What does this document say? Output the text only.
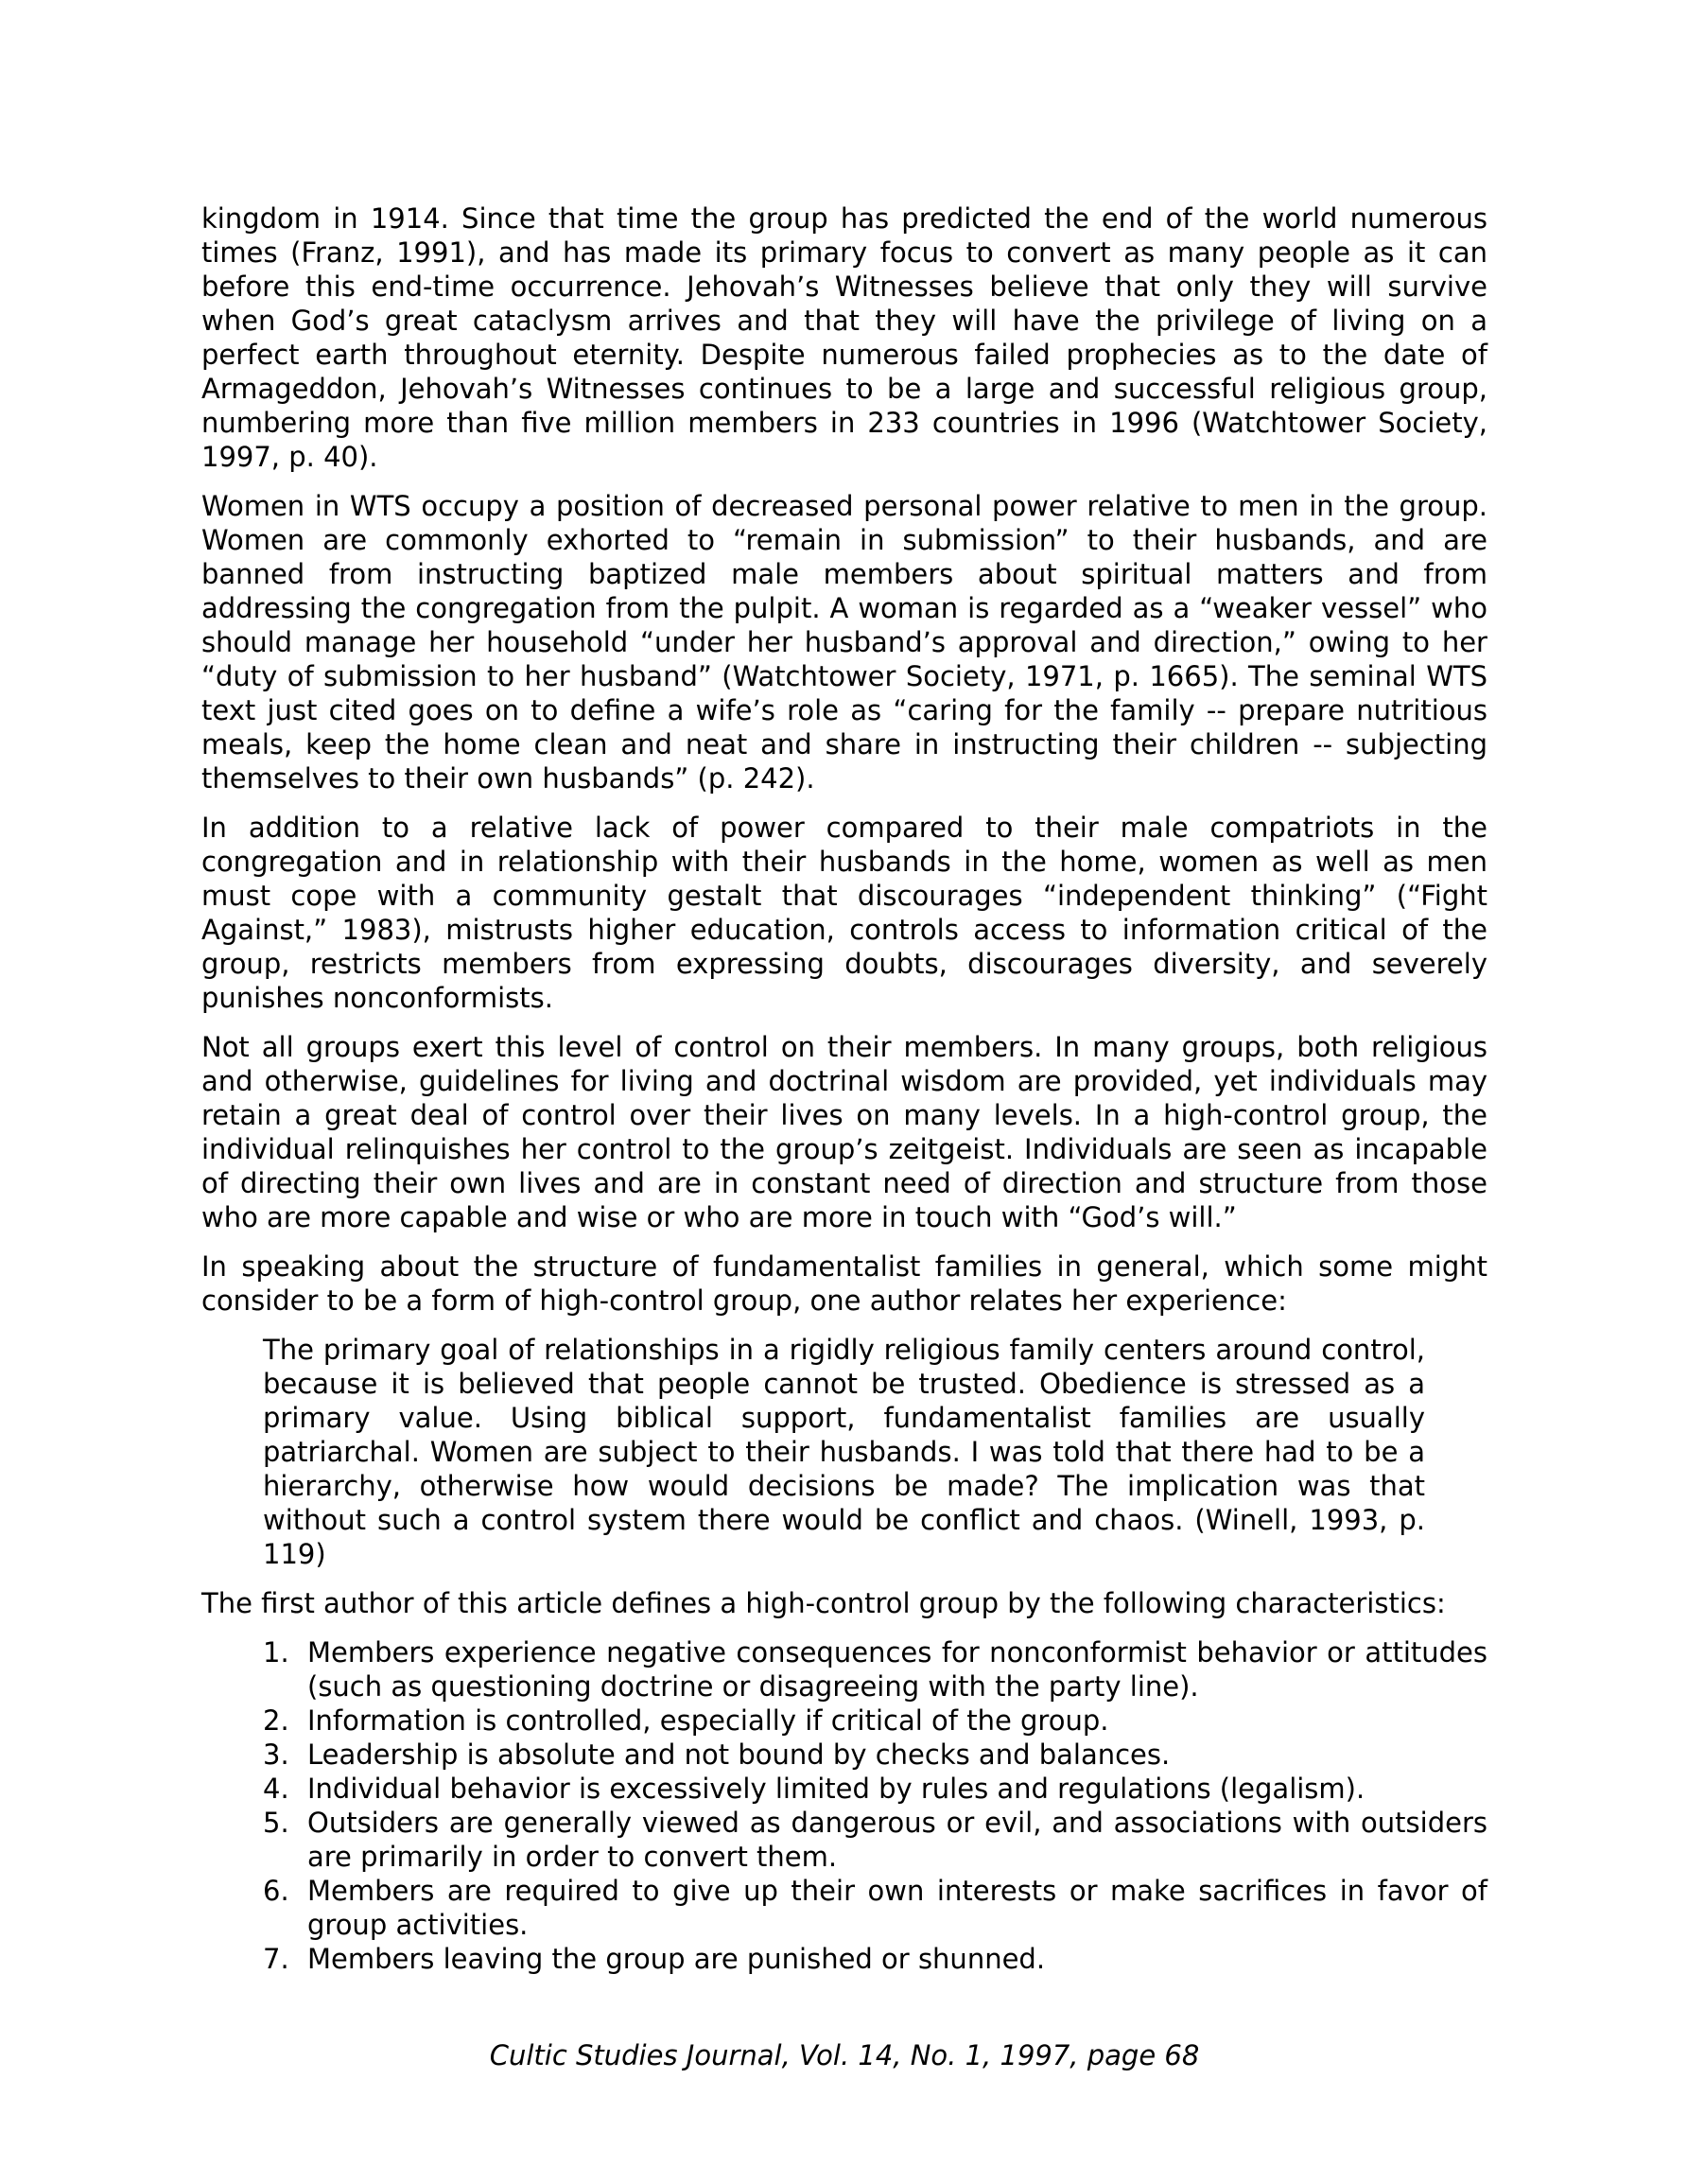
kingdom in 1914. Since that time the group has predicted the end of the world numerous times (Franz, 1991), and has made its primary focus to convert as many people as it can before this end-time occurrence. Jehovah’s Witnesses believe that only they will survive when God’s great cataclysm arrives and that they will have the privilege of living on a perfect earth throughout eternity. Despite numerous failed prophecies as to the date of Armageddon, Jehovah’s Witnesses continues to be a large and successful religious group, numbering more than five million members in 233 countries in 1996 (Watchtower Society, 1997, p. 40).

Women in WTS occupy a position of decreased personal power relative to men in the group. Women are commonly exhorted to “remain in submission” to their husbands, and are banned from instructing baptized male members about spiritual matters and from addressing the congregation from the pulpit. A woman is regarded as a “weaker vessel” who should manage her household “under her husband’s approval and direction,” owing to her “duty of submission to her husband” (Watchtower Society, 1971, p. 1665). The seminal WTS text just cited goes on to define a wife’s role as “caring for the family -- prepare nutritious meals, keep the home clean and neat and share in instructing their children -- subjecting themselves to their own husbands” (p. 242).

In addition to a relative lack of power compared to their male compatriots in the congregation and in relationship with their husbands in the home, women as well as men must cope with a community gestalt that discourages “independent thinking” (“Fight Against,” 1983), mistrusts higher education, controls access to information critical of the group, restricts members from expressing doubts, discourages diversity, and severely punishes nonconformists.

Not all groups exert this level of control on their members. In many groups, both religious and otherwise, guidelines for living and doctrinal wisdom are provided, yet individuals may retain a great deal of control over their lives on many levels. In a high-control group, the individual relinquishes her control to the group’s zeitgeist. Individuals are seen as incapable of directing their own lives and are in constant need of direction and structure from those who are more capable and wise or who are more in touch with “God’s will.”

In speaking about the structure of fundamentalist families in general, which some might consider to be a form of high-control group, one author relates her experience:

The primary goal of relationships in a rigidly religious family centers around control, because it is believed that people cannot be trusted. Obedience is stressed as a primary value. Using biblical support, fundamentalist families are usually patriarchal. Women are subject to their husbands. I was told that there had to be a hierarchy, otherwise how would decisions be made? The implication was that without such a control system there would be conflict and chaos. (Winell, 1993, p. 119)

The first author of this article defines a high-control group by the following characteristics:

1. Members experience negative consequences for nonconformist behavior or attitudes (such as questioning doctrine or disagreeing with the party line).
2. Information is controlled, especially if critical of the group.
3. Leadership is absolute and not bound by checks and balances.
4. Individual behavior is excessively limited by rules and regulations (legalism).
5. Outsiders are generally viewed as dangerous or evil, and associations with outsiders are primarily in order to convert them.
6. Members are required to give up their own interests or make sacrifices in favor of group activities.
7. Members leaving the group are punished or shunned.
Cultic Studies Journal, Vol. 14, No. 1, 1997, page 68
